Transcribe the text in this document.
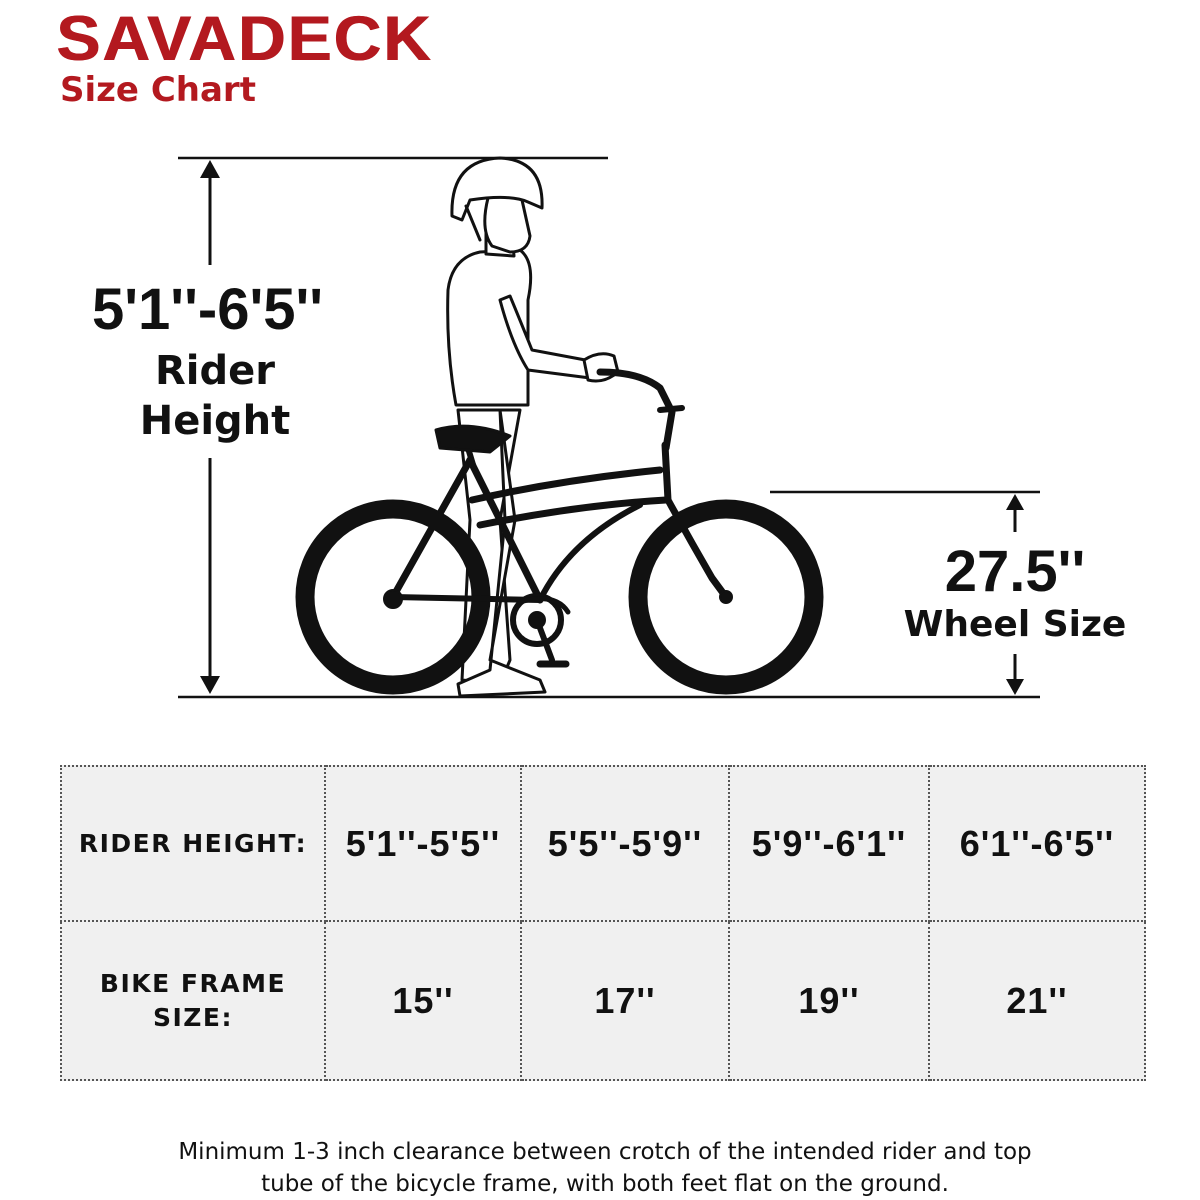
SAVADECK
Size Chart
5'1''-6'5''
Rider Height
27.5''
Wheel Size
RIDER HEIGHT:	5'1''-5'5''	5'5''-5'9''	5'9''-6'1''	6'1''-6'5''
BIKE FRAME SIZE:	15''	17''	19''	21''
Minimum 1-3 inch clearance between crotch of the intended rider and top tube of the bicycle frame, with both feet flat on the ground.
